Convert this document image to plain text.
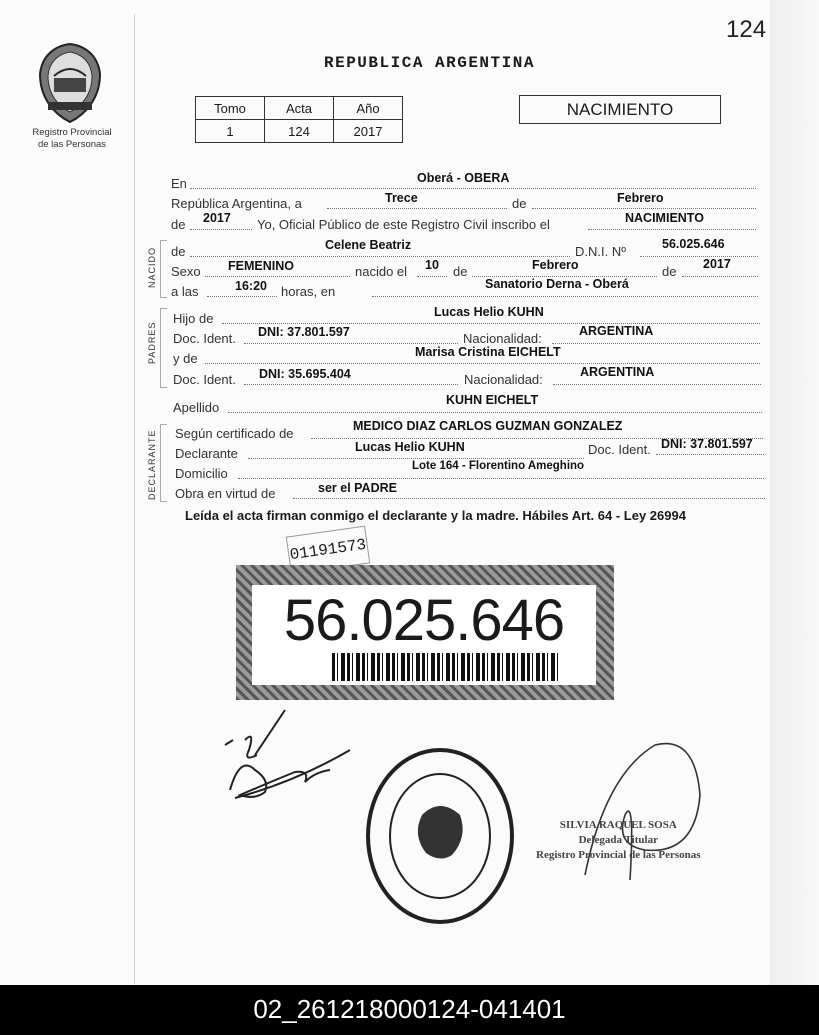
124
Registro Provincial
de las Personas
REPUBLICA ARGENTINA
Tomo	Acta	Año
1	124	2017
NACIMIENTO
En	Oberá - OBERA
República Argentina, a	Trece	de	Febrero
de 2017 Yo, Oficial Público de este Registro Civil inscribo el	NACIMIENTO
NACIDO de	Celene Beatriz	D.N.I. Nº	56.025.646
Sexo FEMENINO	nacido el 10 de	Febrero	de 2017
a las	16:20 horas, en	Sanatorio Derna - Oberá
PADRES
Hijo de	Lucas Helio KUHN
Doc. Ident. DNI: 37.801.597	Nacionalidad:	ARGENTINA
y de	Marisa Cristina EICHELT
Doc. Ident. DNI: 35.695.404	Nacionalidad:	ARGENTINA
Apellido	KUHN EICHELT
DECLARANTE Según certificado de	MEDICO DIAZ CARLOS GUZMAN GONZALEZ
Declarante	Lucas Helio KUHN	Doc. Ident. DNI: 37.801.597
Domicilio	Lote 164 - Florentino Ameghino
Obra en virtud de	ser el PADRE
Leída el acta firman conmigo el declarante y la madre. Hábiles Art. 64 - Ley 26994
01191573
56.025.646
SILVIA RAQUEL SOSA
Delegada Titular
Registro Provincial de las Personas
02_261218000124-041401
